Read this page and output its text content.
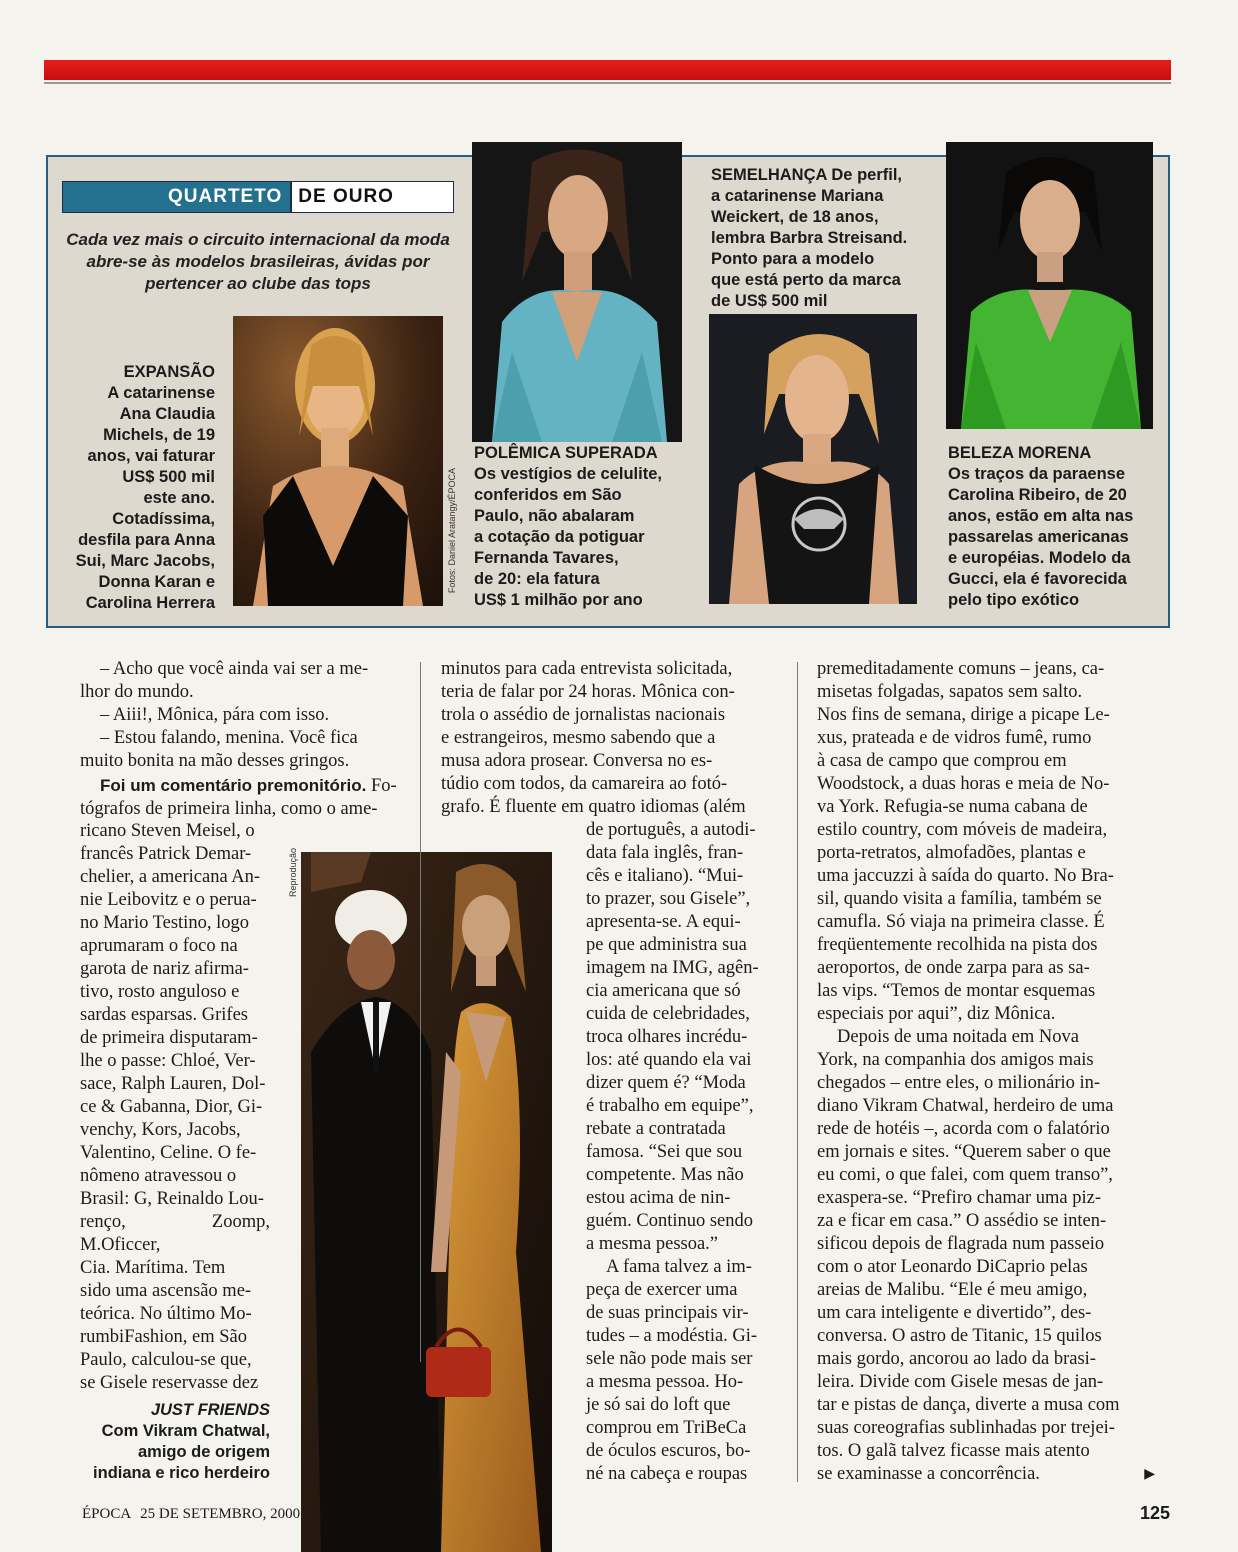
QUARTETO DE OURO
Cada vez mais o circuito internacional da moda abre-se às modelos brasileiras, ávidas por pertencer ao clube das tops
Fotos: Daniel Aratangy/ÉPOCA
EXPANSÃO
A catarinense
Ana Claudia
Michels, de 19
anos, vai faturar
US$ 500 mil
este ano.
Cotadíssima,
desfila para Anna
Sui, Marc Jacobs,
Donna Karan e
Carolina Herrera
POLÊMICA SUPERADA
Os vestígios de celulite,
conferidos em São
Paulo, não abalaram
a cotação da potiguar
Fernanda Tavares,
de 20: ela fatura
US$ 1 milhão por ano
SEMELHANÇA De perfil,
a catarinense Mariana
Weickert, de 18 anos,
lembra Barbra Streisand.
Ponto para a modelo
que está perto da marca
de US$ 500 mil
BELEZA MORENA
Os traços da paraense
Carolina Ribeiro, de 20
anos, estão em alta nas
passarelas americanas
e européias. Modelo da
Gucci, ela é favorecida
pelo tipo exótico

– Acho que você ainda vai ser a me-

lhor do mundo.

– Aiii!, Mônica, pára com isso.

– Estou falando, menina. Você fica

muito bonita na mão desses gringos.

Foi um comentário premonitório. Fo-

tógrafos de primeira linha, como o ame-

ricano Steven Meisel, o

francês Patrick Demar-

chelier, a americana An-

nie Leibovitz e o perua-

no Mario Testino, logo

aprumaram o foco na

garota de nariz afirma-

tivo, rosto anguloso e

sardas esparsas. Grifes

de primeira disputaram-

lhe o passe: Chloé, Ver-

sace, Ralph Lauren, Dol-

ce & Gabanna, Dior, Gi-

venchy, Kors, Jacobs,

Valentino, Celine. O fe-

nômeno atravessou o

Brasil: G, Reinaldo Lou-

renço, Zoomp, M.Oficcer,

Cia. Marítima. Tem

sido uma ascensão me-

teórica. No último Mo-

rumbiFashion, em São

Paulo, calculou-se que,

se Gisele reservasse dez

JUST FRIENDS
Com Vikram Chatwal,
amigo de origem
indiana e rico herdeiro
Reprodução

minutos para cada entrevista solicitada,

teria de falar por 24 horas. Mônica con-

trola o assédio de jornalistas nacionais

e estrangeiros, mesmo sabendo que a

musa adora prosear. Conversa no es-

túdio com todos, da camareira ao fotó-

grafo. É fluente em quatro idiomas (além

de português, a autodi-

data fala inglês, fran-

cês e italiano). “Mui-

to prazer, sou Gisele”,

apresenta-se. A equi-

pe que administra sua

imagem na IMG, agên-

cia americana que só

cuida de celebridades,

troca olhares incrédu-

los: até quando ela vai

dizer quem é? “Moda

é trabalho em equipe”,

rebate a contratada

famosa. “Sei que sou

competente. Mas não

estou acima de nin-

guém. Continuo sendo

a mesma pessoa.”

A fama talvez a im-

peça de exercer uma

de suas principais vir-

tudes – a modéstia. Gi-

sele não pode mais ser

a mesma pessoa. Ho-

je só sai do loft que

comprou em TriBeCa

de óculos escuros, bo-

né na cabeça e roupas

premeditadamente comuns – jeans, ca-

misetas folgadas, sapatos sem salto.

Nos fins de semana, dirige a picape Le-

xus, prateada e de vidros fumê, rumo

à casa de campo que comprou em

Woodstock, a duas horas e meia de No-

va York. Refugia-se numa cabana de

estilo country, com móveis de madeira,

porta-retratos, almofadões, plantas e

uma jaccuzzi à saída do quarto. No Bra-

sil, quando visita a família, também se

camufla. Só viaja na primeira classe. É

freqüentemente recolhida na pista dos

aeroportos, de onde zarpa para as sa-

las vips. “Temos de montar esquemas

especiais por aqui”, diz Mônica.

Depois de uma noitada em Nova

York, na companhia dos amigos mais

chegados – entre eles, o milionário in-

diano Vikram Chatwal, herdeiro de uma

rede de hotéis –, acorda com o falatório

em jornais e sites. “Querem saber o que

eu comi, o que falei, com quem transo”,

exaspera-se. “Prefiro chamar uma piz-

za e ficar em casa.” O assédio se inten-

sificou depois de flagrada num passeio

com o ator Leonardo DiCaprio pelas

areias de Malibu. “Ele é meu amigo,

um cara inteligente e divertido”, des-

conversa. O astro de Titanic, 15 quilos

mais gordo, ancorou ao lado da brasi-

leira. Divide com Gisele mesas de jan-

tar e pistas de dança, diverte a musa com

suas coreografias sublinhadas por trejei-

tos. O galã talvez ficasse mais atento

se examinasse a concorrência.	▶

ÉPOCA 25 DE SETEMBRO, 2000	125
